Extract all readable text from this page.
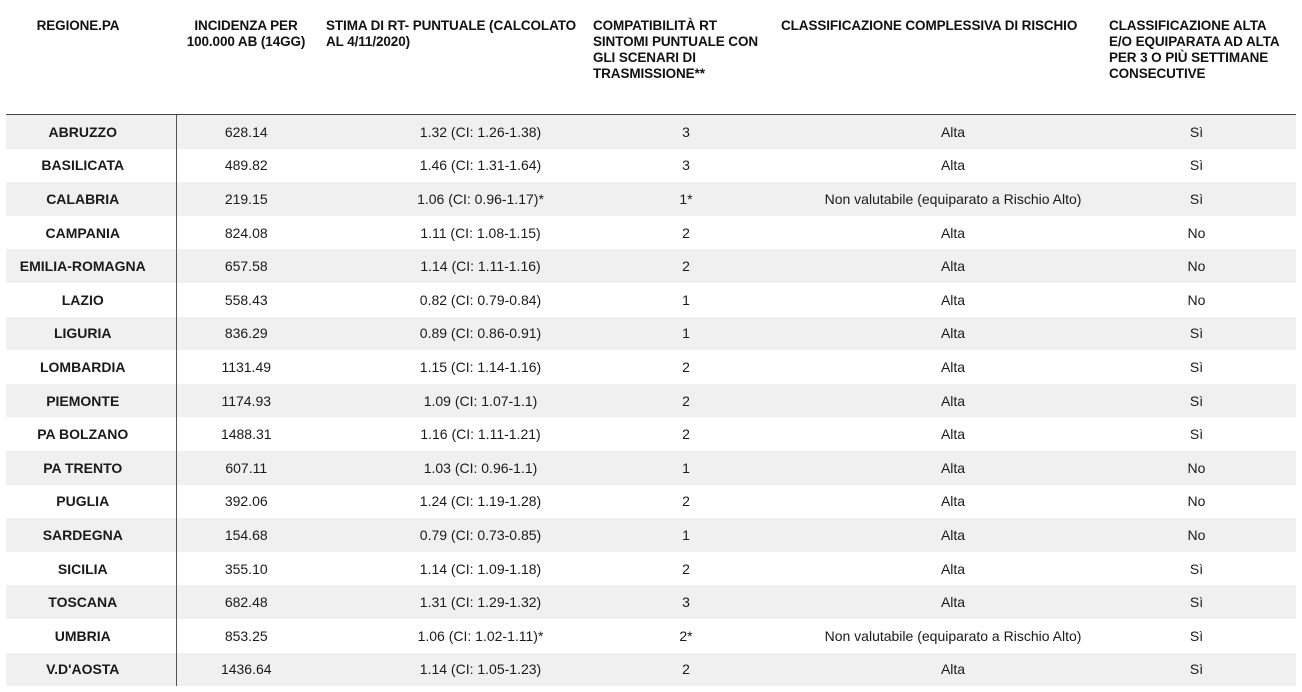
REGIONE.PA	INCIDENZA PER 100.000 AB (14GG)	STIMA DI RT- PUNTUALE (CALCOLATO AL 4/11/2020)	COMPATIBILITÀ RT SINTOMI PUNTUALE CON GLI SCENARI DI TRASMISSIONE**	CLASSIFICAZIONE COMPLESSIVA DI RISCHIO	CLASSIFICAZIONE ALTA E/O EQUIPARATA AD ALTA PER 3 O PIÙ SETTIMANE CONSECUTIVE
ABRUZZO	628.14	1.32 (CI: 1.26-1.38)	3	Alta	Sì
BASILICATA	489.82	1.46 (CI: 1.31-1.64)	3	Alta	Sì
CALABRIA	219.15	1.06 (CI: 0.96-1.17)*	1*	Non valutabile (equiparato a Rischio Alto)	Sì
CAMPANIA	824.08	1.11 (CI: 1.08-1.15)	2	Alta	No
EMILIA-ROMAGNA	657.58	1.14 (CI: 1.11-1.16)	2	Alta	No
LAZIO	558.43	0.82 (CI: 0.79-0.84)	1	Alta	No
LIGURIA	836.29	0.89 (CI: 0.86-0.91)	1	Alta	Sì
LOMBARDIA	1131.49	1.15 (CI: 1.14-1.16)	2	Alta	Sì
PIEMONTE	1174.93	1.09 (CI: 1.07-1.1)	2	Alta	Sì
PA BOLZANO	1488.31	1.16 (CI: 1.11-1.21)	2	Alta	Sì
PA TRENTO	607.11	1.03 (CI: 0.96-1.1)	1	Alta	No
PUGLIA	392.06	1.24 (CI: 1.19-1.28)	2	Alta	No
SARDEGNA	154.68	0.79 (CI: 0.73-0.85)	1	Alta	No
SICILIA	355.10	1.14 (CI: 1.09-1.18)	2	Alta	Sì
TOSCANA	682.48	1.31 (CI: 1.29-1.32)	3	Alta	Sì
UMBRIA	853.25	1.06 (CI: 1.02-1.11)*	2*	Non valutabile (equiparato a Rischio Alto)	Sì
V.D'AOSTA	1436.64	1.14 (CI: 1.05-1.23)	2	Alta	Sì
